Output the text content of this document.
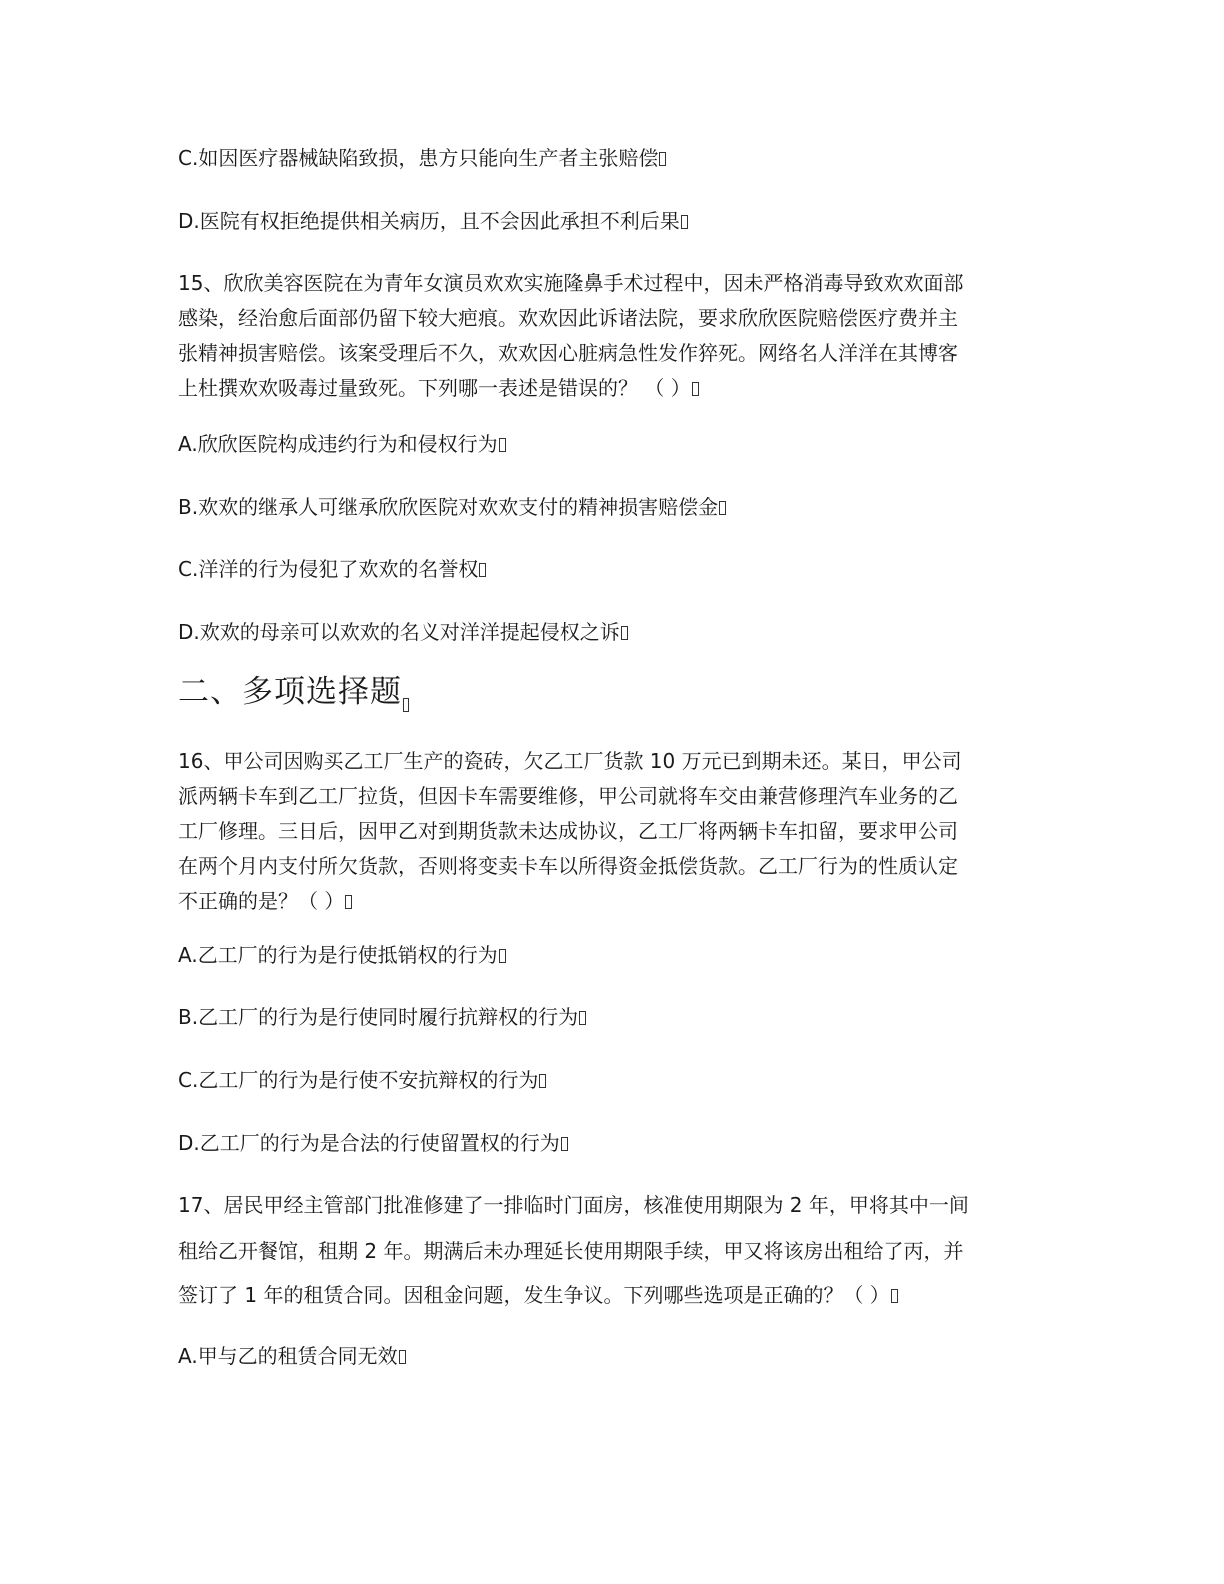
C.如因医疗器械缺陷致损，患方只能向生产者主张赔偿
D.医院有权拒绝提供相关病历，且不会因此承担不利后果
15、欣欣美容医院在为青年女演员欢欢实施隆鼻手术过程中，因未严格消毒导致欢欢面部
感染，经治愈后面部仍留下较大疤痕。欢欢因此诉诸法院，要求欣欣医院赔偿医疗费并主
张精神损害赔偿。该案受理后不久，欢欢因心脏病急性发作猝死。网络名人洋洋在其博客
上杜撰欢欢吸毒过量致死。下列哪一表述是错误的？ （ ）
A.欣欣医院构成违约行为和侵权行为
B.欢欢的继承人可继承欣欣医院对欢欢支付的精神损害赔偿金
C.洋洋的行为侵犯了欢欢的名誉权
D.欢欢的母亲可以欢欢的名义对洋洋提起侵权之诉
二、多项选择题
16、甲公司因购买乙工厂生产的瓷砖，欠乙工厂货款 10 万元已到期未还。某日，甲公司
派两辆卡车到乙工厂拉货，但因卡车需要维修，甲公司就将车交由兼营修理汽车业务的乙
工厂修理。三日后，因甲乙对到期货款未达成协议，乙工厂将两辆卡车扣留，要求甲公司
在两个月内支付所欠货款，否则将变卖卡车以所得资金抵偿货款。乙工厂行为的性质认定
不正确的是？（ ）
A.乙工厂的行为是行使抵销权的行为
B.乙工厂的行为是行使同时履行抗辩权的行为
C.乙工厂的行为是行使不安抗辩权的行为
D.乙工厂的行为是合法的行使留置权的行为
17、居民甲经主管部门批准修建了一排临时门面房，核准使用期限为 2 年，甲将其中一间
租给乙开餐馆，租期 2 年。期满后未办理延长使用期限手续，甲又将该房出租给了丙，并
签订了 1 年的租赁合同。因租金问题，发生争议。下列哪些选项是正确的？（ ）
A.甲与乙的租赁合同无效
